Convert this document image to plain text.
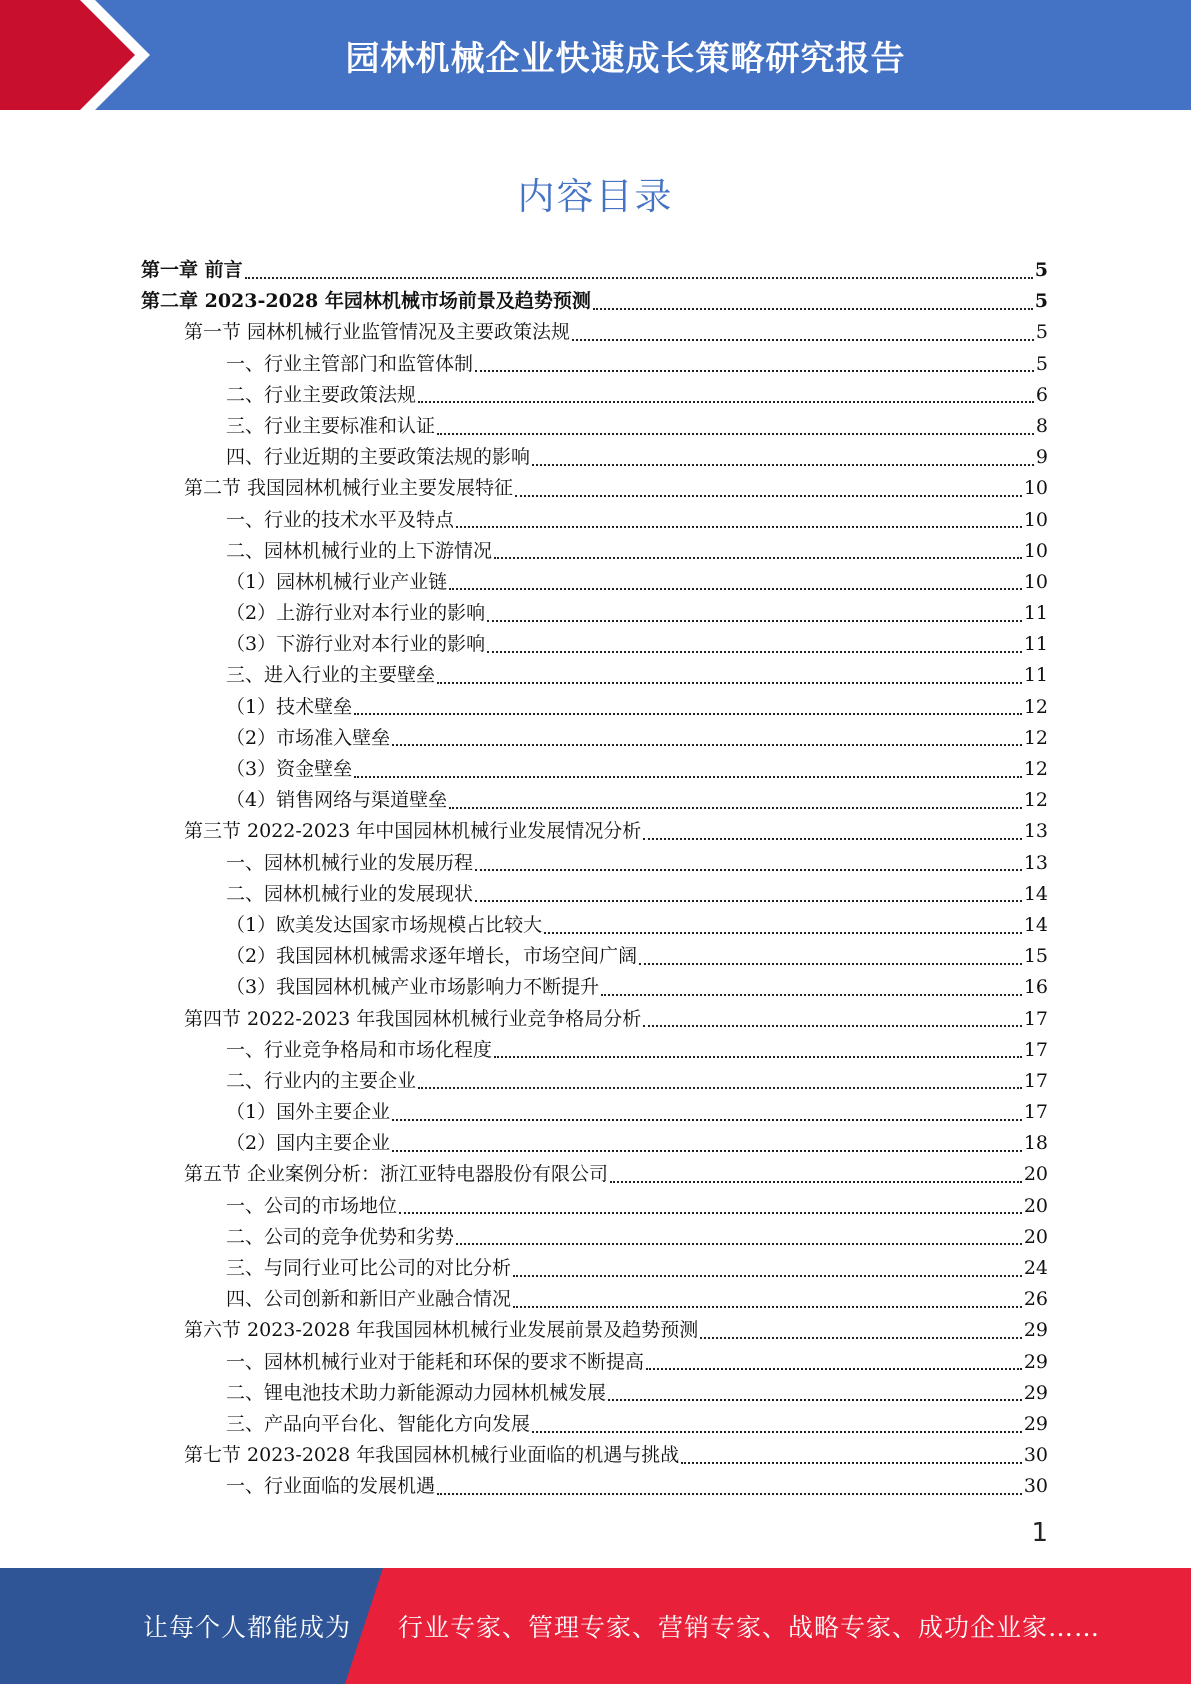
园林机械企业快速成长策略研究报告
内容目录
第一章 前言	5
第二章 2023-2028 年园林机械市场前景及趋势预测	5
第一节 园林机械行业监管情况及主要政策法规	5
一、行业主管部门和监管体制	5
二、行业主要政策法规	6
三、行业主要标准和认证	8
四、行业近期的主要政策法规的影响	9
第二节 我国园林机械行业主要发展特征	10
一、行业的技术水平及特点	10
二、园林机械行业的上下游情况	10
（1）园林机械行业产业链	10
（2）上游行业对本行业的影响	11
（3）下游行业对本行业的影响	11
三、进入行业的主要壁垒	11
（1）技术壁垒	12
（2）市场准入壁垒	12
（3）资金壁垒	12
（4）销售网络与渠道壁垒	12
第三节 2022-2023 年中国园林机械行业发展情况分析	13
一、园林机械行业的发展历程	13
二、园林机械行业的发展现状	14
（1）欧美发达国家市场规模占比较大	14
（2）我国园林机械需求逐年增长，市场空间广阔	15
（3）我国园林机械产业市场影响力不断提升	16
第四节 2022-2023 年我国园林机械行业竞争格局分析	17
一、行业竞争格局和市场化程度	17
二、行业内的主要企业	17
（1）国外主要企业	17
（2）国内主要企业	18
第五节 企业案例分析：浙江亚特电器股份有限公司	20
一、公司的市场地位	20
二、公司的竞争优势和劣势	20
三、与同行业可比公司的对比分析	24
四、公司创新和新旧产业融合情况	26
第六节 2023-2028 年我国园林机械行业发展前景及趋势预测	29
一、园林机械行业对于能耗和环保的要求不断提高	29
二、锂电池技术助力新能源动力园林机械发展	29
三、产品向平台化、智能化方向发展	29
第七节 2023-2028 年我国园林机械行业面临的机遇与挑战	30
一、行业面临的发展机遇	30
1
让每个人都能成为 行业专家、管理专家、营销专家、战略专家、成功企业家……
